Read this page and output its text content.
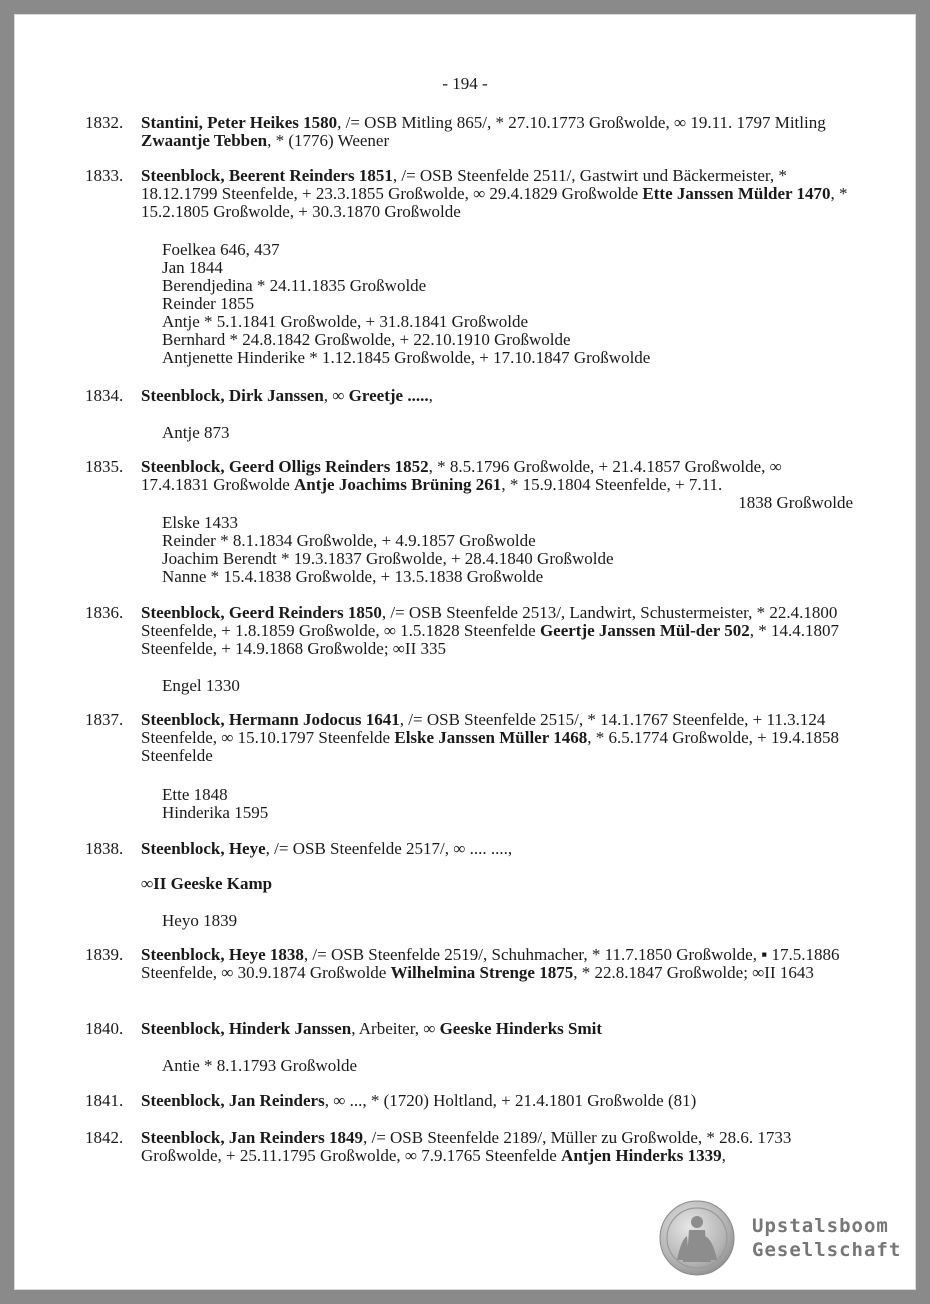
- 194 -
1832. Stantini, Peter Heikes 1580, /= OSB Mitling 865/, * 27.10.1773 Großwolde, ∞ 19.11. 1797 Mitling Zwaantje Tebben, * (1776) Weener
1833. Steenblock, Beerent Reinders 1851, /= OSB Steenfelde 2511/, Gastwirt und Bäckermeister, * 18.12.1799 Steenfelde, + 23.3.1855 Großwolde, ∞ 29.4.1829 Großwolde Ette Janssen Mülder 1470, * 15.2.1805 Großwolde, + 30.3.1870 Großwolde
Foelkea 646, 437
Jan 1844
Berendjedina * 24.11.1835 Großwolde
Reinder 1855
Antje * 5.1.1841 Großwolde, + 31.8.1841 Großwolde
Bernhard * 24.8.1842 Großwolde, + 22.10.1910 Großwolde
Antjenette Hinderike * 1.12.1845 Großwolde, + 17.10.1847 Großwolde
1834. Steenblock, Dirk Janssen, ∞ Greetje .....,
Antje 873
1835. Steenblock, Geerd Olligs Reinders 1852, * 8.5.1796 Großwolde, + 21.4.1857 Großwolde, ∞ 17.4.1831 Großwolde Antje Joachims Brüning 261, * 15.9.1804 Steenfelde, + 7.11.
1838 Großwolde
Elske 1433
Reinder * 8.1.1834 Großwolde, + 4.9.1857 Großwolde
Joachim Berendt * 19.3.1837 Großwolde, + 28.4.1840 Großwolde
Nanne * 15.4.1838 Großwolde, + 13.5.1838 Großwolde
1836. Steenblock, Geerd Reinders 1850, /= OSB Steenfelde 2513/, Landwirt, Schustermeister, * 22.4.1800 Steenfelde, + 1.8.1859 Großwolde, ∞ 1.5.1828 Steenfelde Geertje Janssen Mül-der 502, * 14.4.1807 Steenfelde, + 14.9.1868 Großwolde; ∞II 335
Engel 1330
1837. Steenblock, Hermann Jodocus 1641, /= OSB Steenfelde 2515/, * 14.1.1767 Steenfelde, + 11.3.124 Steenfelde, ∞ 15.10.1797 Steenfelde Elske Janssen Müller 1468, * 6.5.1774 Großwolde, + 19.4.1858 Steenfelde
Ette 1848
Hinderika 1595
1838. Steenblock, Heye, /= OSB Steenfelde 2517/, ∞ .... ....,
∞II Geeske Kamp
Heyo 1839
1839. Steenblock, Heye 1838, /= OSB Steenfelde 2519/, Schuhmacher, * 11.7.1850 Großwolde, ▪ 17.5.1886 Steenfelde, ∞ 30.9.1874 Großwolde Wilhelmina Strenge 1875, * 22.8.1847 Großwolde; ∞II 1643
1840. Steenblock, Hinderk Janssen, Arbeiter, ∞ Geeske Hinderks Smit
Antie * 8.1.1793 Großwolde
1841. Steenblock, Jan Reinders, ∞ ..., * (1720) Holtland, + 21.4.1801 Großwolde (81)
1842. Steenblock, Jan Reinders 1849, /= OSB Steenfelde 2189/, Müller zu Großwolde, * 28.6. 1733 Großwolde, + 25.11.1795 Großwolde, ∞ 7.9.1765 Steenfelde Antjen Hinderks 1339,
Upstalsboom
Gesellschaft
